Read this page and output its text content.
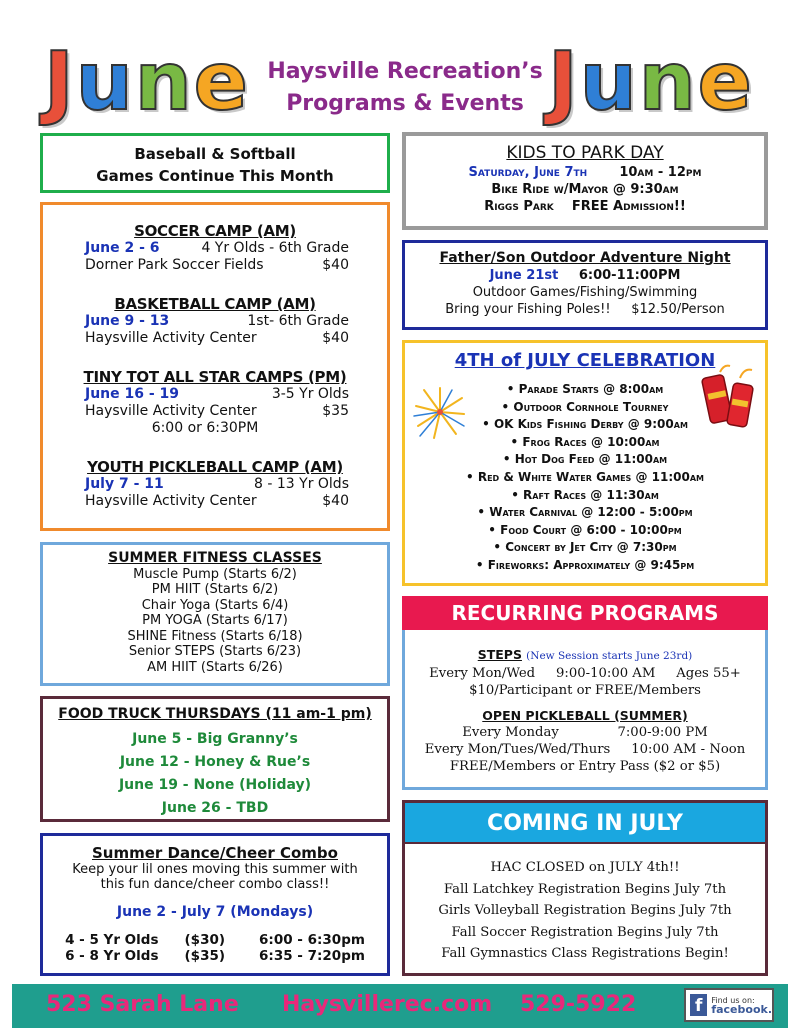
June Haysville Recreation’s
Programs & Events June
Baseball & Softball
Games Continue This Month
SOCCER CAMP (AM)
June 2 - 6	4 Yr Olds - 6th Grade
Dorner Park Soccer Fields	$40
BASKETBALL CAMP (AM)
June 9 - 13	1st- 6th Grade
Haysville Activity Center	$40
TINY TOT ALL STAR CAMPS (PM)
June 16 - 19	3-5 Yr Olds
Haysville Activity Center	$35
6:00 or 6:30PM
YOUTH PICKLEBALL CAMP (AM)
July 7 - 11	8 - 13 Yr Olds
Haysville Activity Center	$40
SUMMER FITNESS CLASSES
Muscle Pump (Starts 6/2)
PM HIIT (Starts 6/2)
Chair Yoga (Starts 6/4)
PM YOGA (Starts 6/17)
SHINE Fitness (Starts 6/18)
Senior STEPS (Starts 6/23)
AM HIIT (Starts 6/26)
FOOD TRUCK THURSDAYS (11 am-1 pm)
June 5 - Big Granny’s
June 12 - Honey & Rue’s
June 19 - None (Holiday)
June 26 - TBD
Summer Dance/Cheer Combo
Keep your lil ones moving this summer with
this fun dance/cheer combo class!!
June 2 - July 7 (Mondays)
4 - 5 Yr Olds ($30)	6:00 - 6:30pm
6 - 8 Yr Olds ($35)	6:35 - 7:20pm
KIDS TO PARK DAY
Saturday, June 7th 10am - 12pm
Bike Ride w/Mayor @ 9:30am
Riggs Park    FREE Admission!!
Father/Son Outdoor Adventure Night
June 21st 6:00-11:00PM
Outdoor Games/Fishing/Swimming
Bring your Fishing Poles!!     $12.50/Person
4TH of JULY CELEBRATION
• Parade Starts @ 8:00am
• Outdoor Cornhole Tourney
• OK Kids Fishing Derby @ 9:00am
• Frog Races @ 10:00am
• Hot Dog Feed @ 11:00am
• Red & White Water Games @ 11:00am
• Raft Races @ 11:30am
• Water Carnival @ 12:00 - 5:00pm
• Food Court @ 6:00 - 10:00pm
• Concert by Jet City @ 7:30pm
• Fireworks: Approximately @ 9:45pm
RECURRING PROGRAMS
STEPS (New Session starts June 23rd)
Every Mon/Wed     9:00-10:00 AM     Ages 55+
$10/Participant or FREE/Members
OPEN PICKLEBALL (SUMMER)
Every Monday              7:00-9:00 PM
Every Mon/Tues/Wed/Thurs     10:00 AM - Noon
FREE/Members or Entry Pass ($2 or $5)
COMING IN JULY
HAC CLOSED on JULY 4th!!
Fall Latchkey Registration Begins July 7th
Girls Volleyball Registration Begins July 7th
Fall Soccer Registration Begins July 7th
Fall Gymnastics Class Registrations Begin!
523 Sarah Lane Haysvillerec.com 529-5922	f	Find us on:
facebook.
